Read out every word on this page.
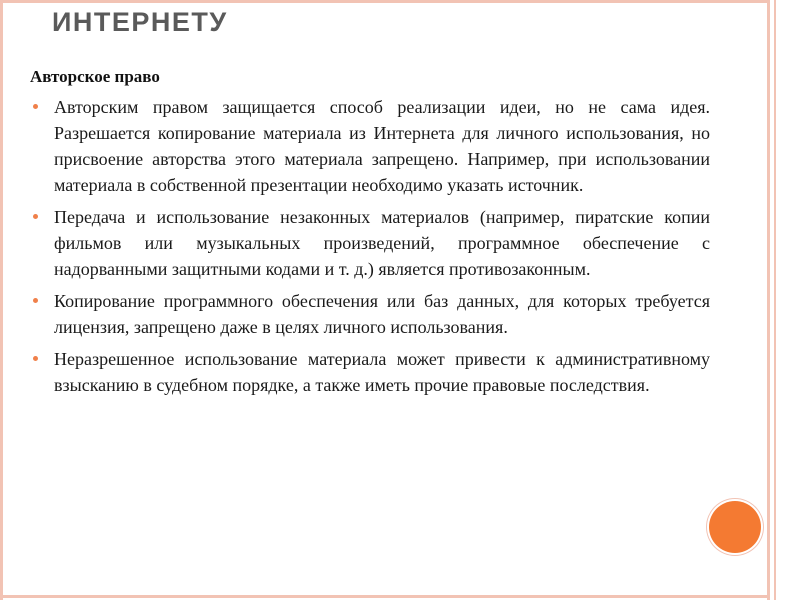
ИНТЕРНЕТУ
Авторское право
Авторским правом защищается способ реализации идеи, но не сама идея. Разрешается копирование материала из Интернета для личного использования, но присвоение авторства этого материала запрещено. Например, при использовании материала в собственной презентации необходимо указать источник.
Передача и использование незаконных материалов (например, пиратские копии фильмов или музыкальных произведений, программное обеспечение с надорванными защитными кодами и т. д.) является противозаконным.
Копирование программного обеспечения или баз данных, для которых требуется лицензия, запрещено даже в целях личного использования.
Неразрешенное использование материала может привести к административному взысканию в судебном порядке, а также иметь прочие правовые последствия.
